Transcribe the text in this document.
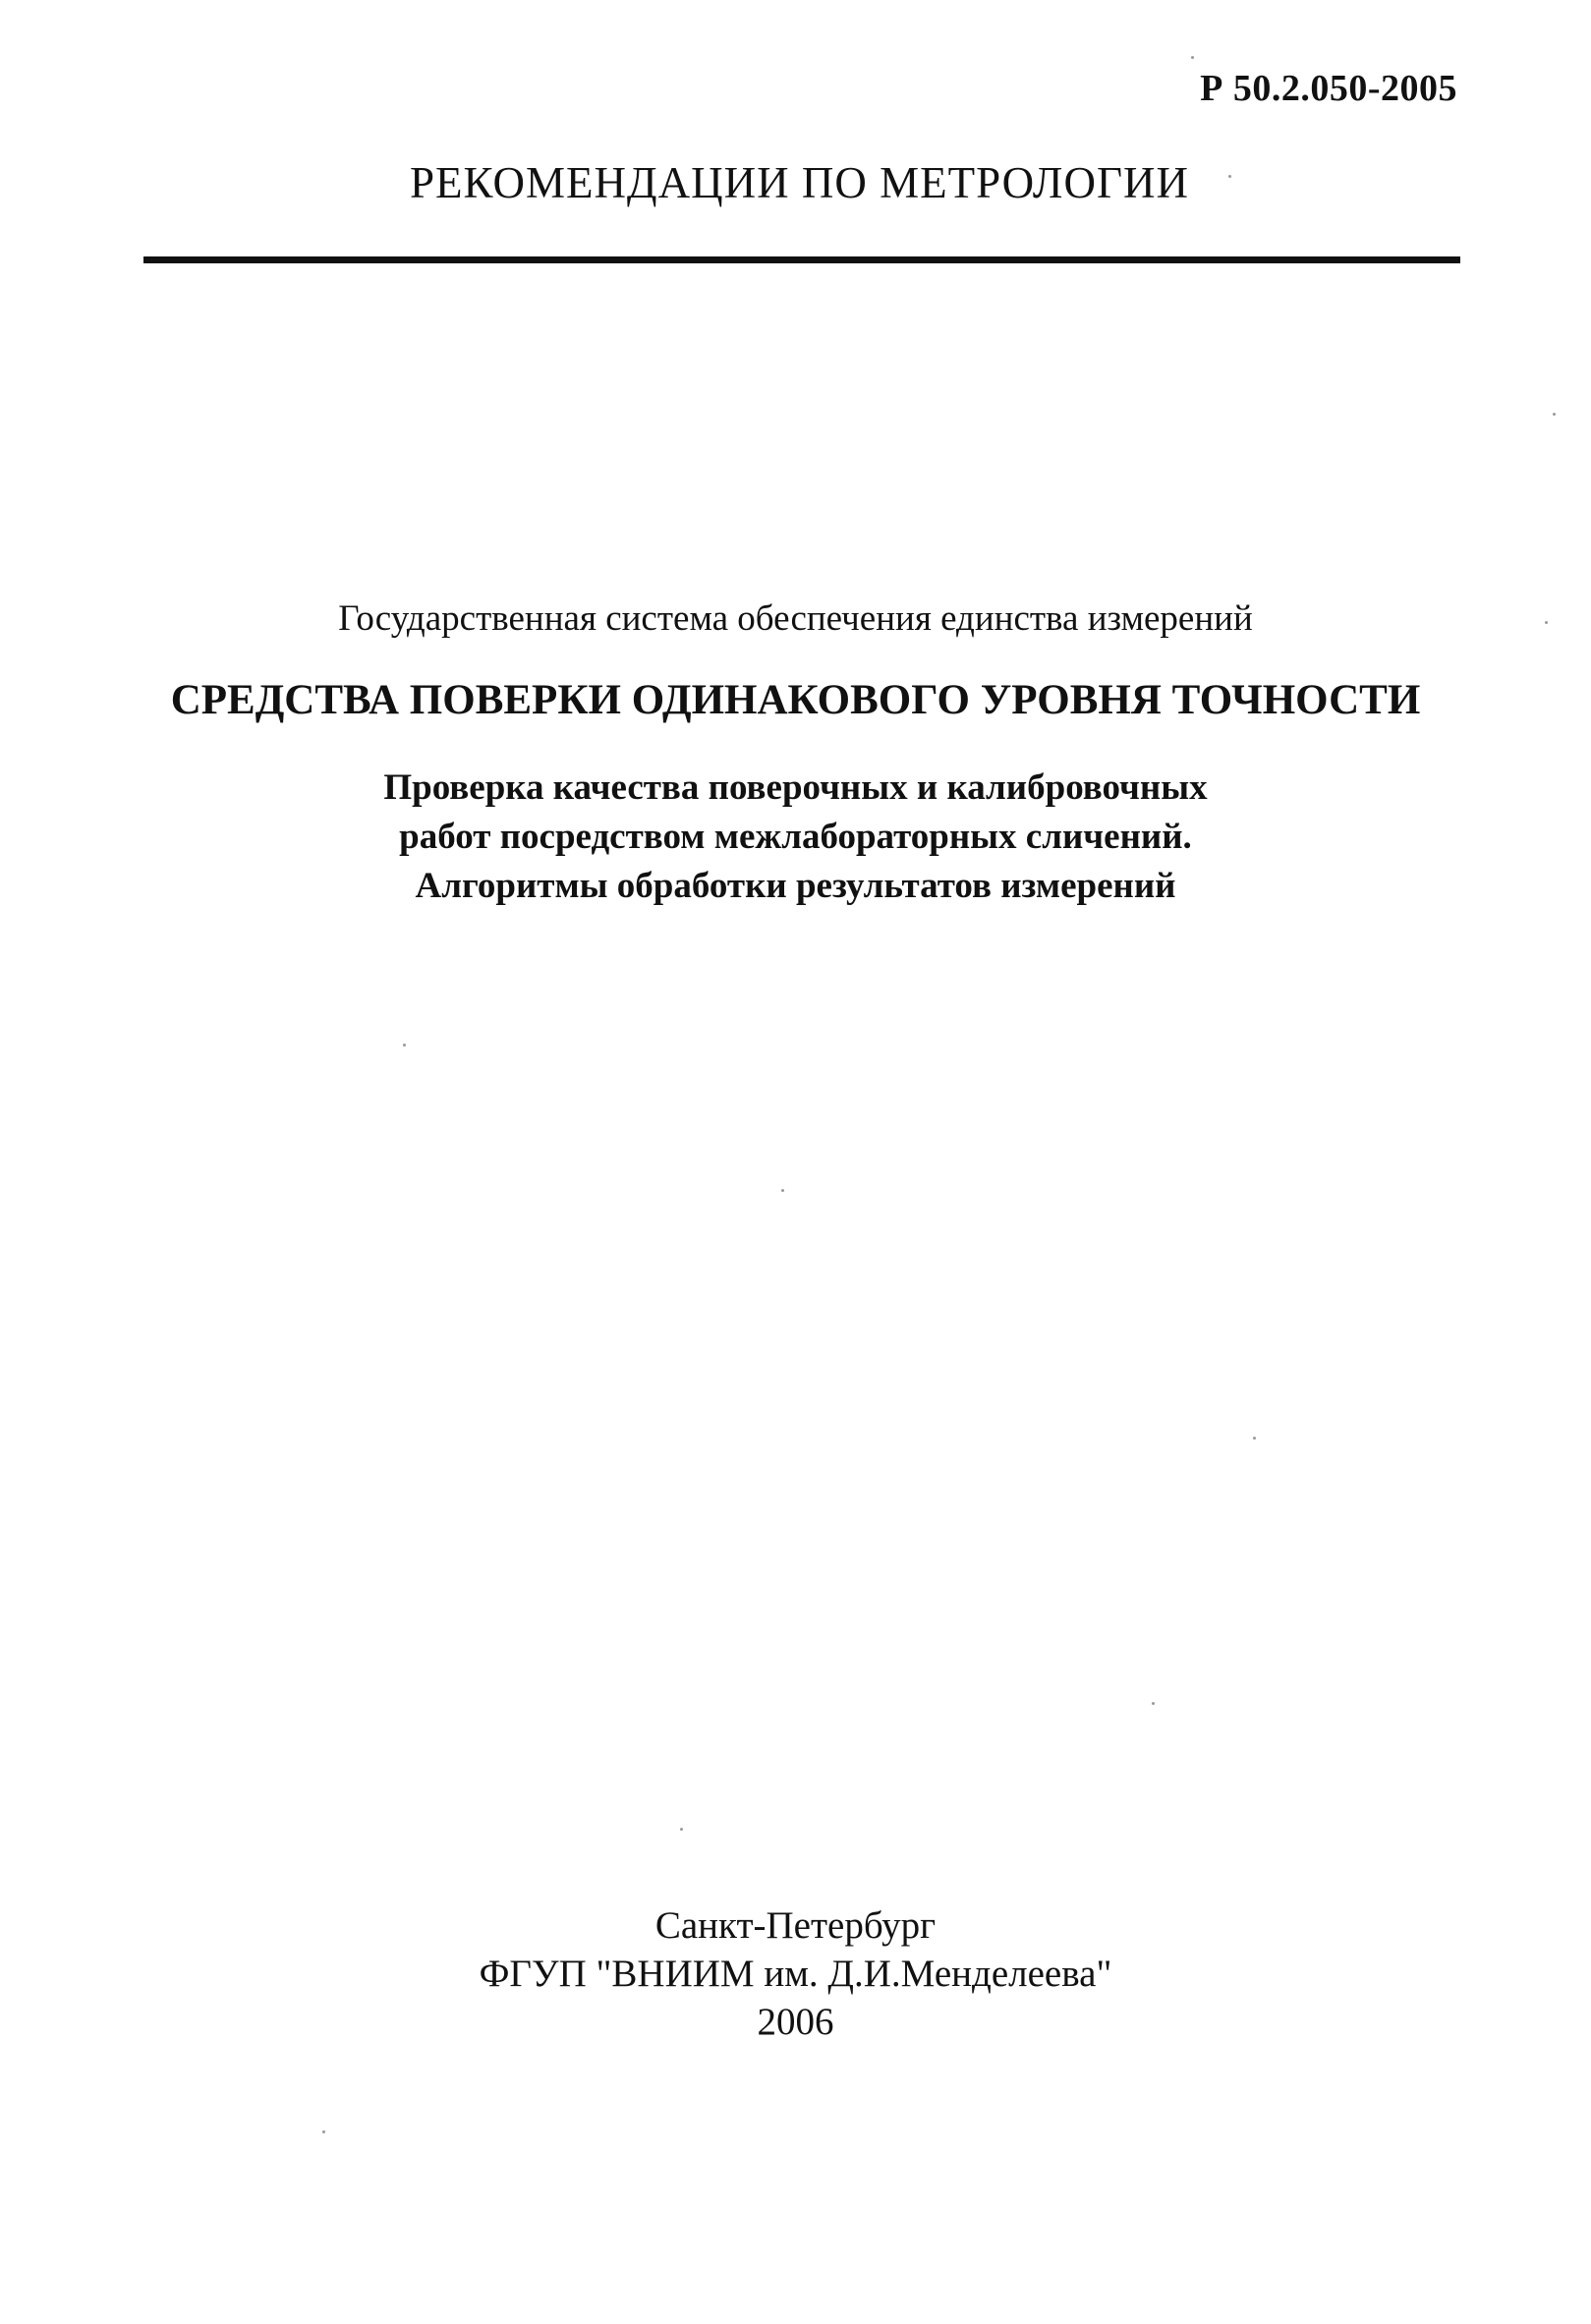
Р 50.2.050-2005
РЕКОМЕНДАЦИИ ПО МЕТРОЛОГИИ
Государственная система обеспечения единства измерений
СРЕДСТВА ПОВЕРКИ ОДИНАКОВОГО УРОВНЯ ТОЧНОСТИ
Проверка качества поверочных и калибровочных
работ посредством межлабораторных сличений.
Алгоритмы обработки результатов измерений
Санкт-Петербург
ФГУП "ВНИИМ им. Д.И.Менделеева"
2006
